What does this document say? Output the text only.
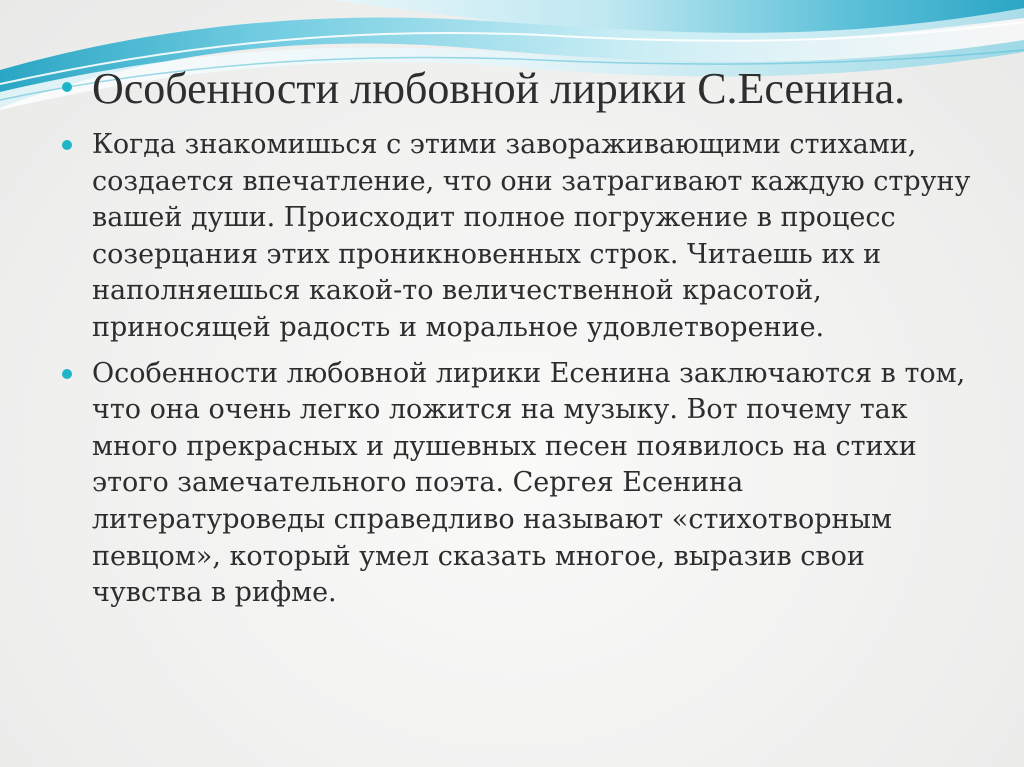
Особенности любовной лирики С.Есенина.
Когда знакомишься с этими завораживающими стихами, создается впечатление, что они затрагивают каждую струну вашей души. Происходит полное погружение в процесс созерцания этих проникновенных строк. Читаешь их и наполняешься какой-то величественной красотой, приносящей радость и моральное удовлетворение.
Особенности любовной лирики Есенина заключаются в том, что она очень легко ложится на музыку. Вот почему так много прекрасных и душевных песен появилось на стихи этого замечательного поэта. Сергея Есенина литературоведы справедливо называют «стихотворным певцом», который умел сказать многое, выразив свои чувства в рифме.
